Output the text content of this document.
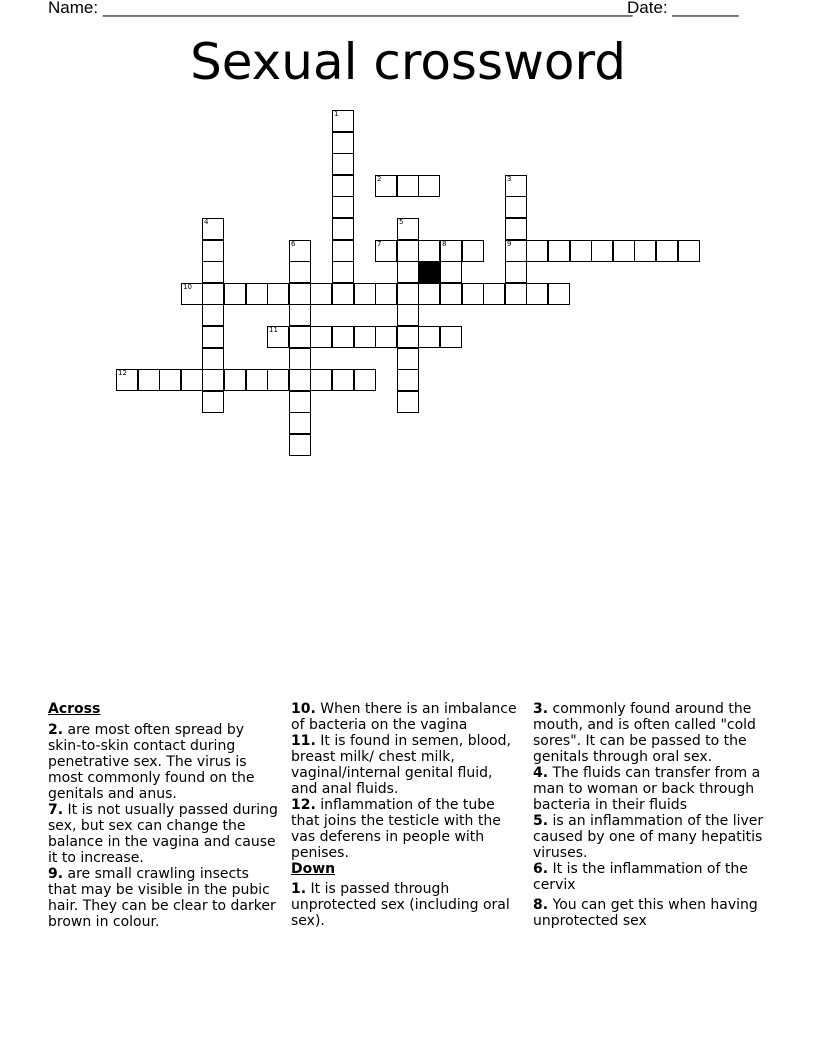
Name: ________________________________________________________
Date: _______
Sexual crossword
1
2	3
9
4	5
6	7	8
10
11
12
Across
2. are most often spread by skin-to-skin contact during penetrative sex. The virus is most commonly found on the genitals and anus.
7. It is not usually passed during sex, but sex can change the balance in the vagina and cause it to increase.
9. are small crawling insects that may be visible in the pubic hair. They can be clear to darker brown in colour.
10. When there is an imbalance of bacteria on the vagina
11. It is found in semen, blood, breast milk/ chest milk, vaginal/internal genital fluid, and anal fluids.
12. inflammation of the tube that joins the testicle with the vas deferens in people with penises.
Down
1. It is passed through unprotected sex (including oral sex).
3. commonly found around the mouth, and is often called "cold sores". It can be passed to the genitals through oral sex.
4. The fluids can transfer from a man to woman or back through bacteria in their fluids
5. is an inflammation of the liver caused by one of many hepatitis viruses.
6. It is the inflammation of the cervix
8. You can get this when having unprotected sex
